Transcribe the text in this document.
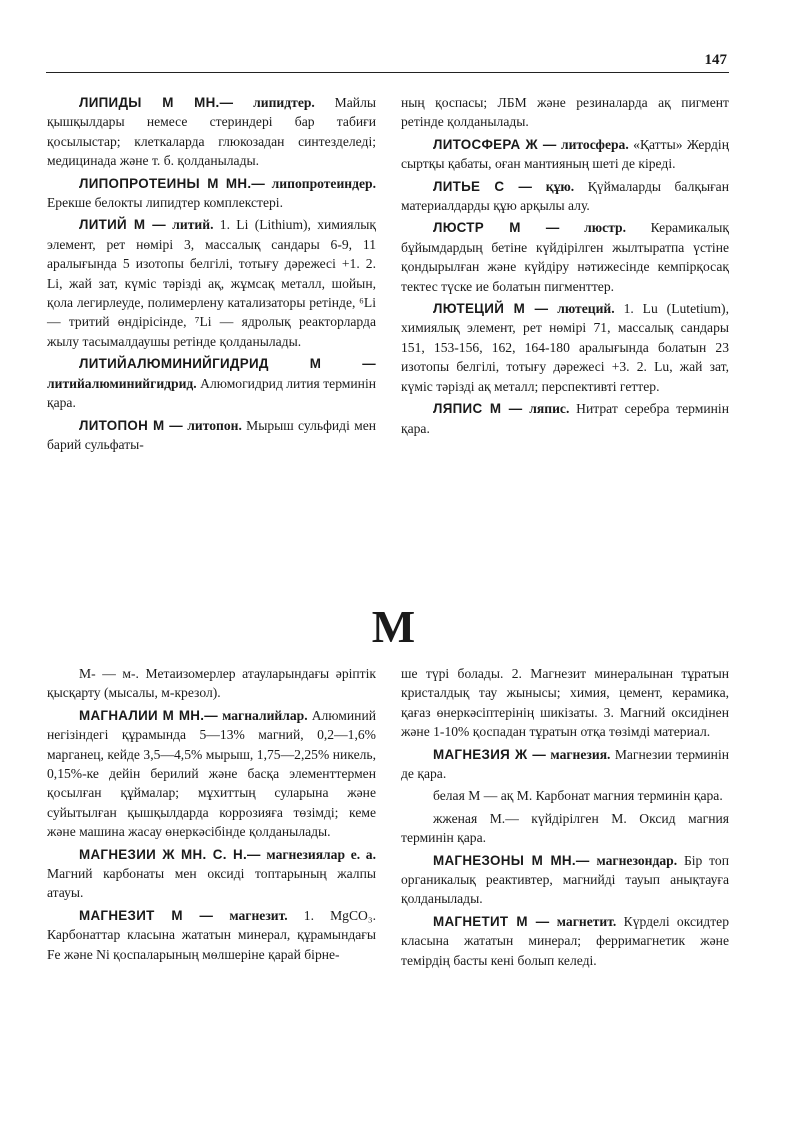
147

ЛИПИДЫ М МН.— липидтер. Майлы қышқылдары немесе стериндері бар табиғи қосылыстар; клеткаларда глюкозадан синтезделеді; медицинада және т. б. қолданылады.

ЛИПОПРОТЕИНЫ М МН.— липопротеиндер. Ерекше белокты липидтер комплекстері.

ЛИТИЙ М — литий. 1. Li (Lithium), химиялық элемент, рет нөмірі 3, массалық сандары 6-9, 11 аралығында 5 изотопы белгілі, тотығу дәрежесі +1. 2. Li, жай зат, күміс тәрізді ақ, жұмсақ металл, шойын, қола легирлеуде, полимерлену катализаторы ретінде, ⁶Li — тритий өндірісінде, ⁷Li — ядролық реакторларда жылу тасымалдаушы ретінде қолданылады.

ЛИТИЙАЛЮМИНИЙГИДРИД М — литийалюминийгидрид. Алюмогидрид лития терминін қара.

ЛИТОПОН М — литопон. Мырыш сульфиді мен барий сульфаты-

ның қоспасы; ЛБМ және резиналарда ақ пигмент ретінде қолданылады.

ЛИТОСФЕРА Ж — литосфера. «Қатты» Жердің сыртқы қабаты, оған мантияның шеті де кіреді.

ЛИТЬЕ С — құю. Қүймаларды балқыған материалдарды құю арқылы алу.

ЛЮСТР М — люстр. Керамикалық бұйымдардың бетіне күйдірілген жылтыратпа үстіне қондырылған және күйдіру нәтижесінде кемпірқосақ тектес түске ие болатын пигменттер.

ЛЮТЕЦИЙ М — лютеций. 1. Lu (Lutetium), химиялық элемент, рет нөмірі 71, массалық сандары 151, 153-156, 162, 164-180 аралығында болатын 23 изотопы белгілі, тотығу дәрежесі +3. 2. Lu, жай зат, күміс тәрізді ақ металл; перспективті геттер.

ЛЯПИС М — ляпис. Нитрат серебра терминін қара.

М

М- — м-. Метаизомерлер атауларындағы әріптік қысқарту (мысалы, м-крезол).

МАГНАЛИИ М МН.— магналийлар. Алюминий негізіндегі құрамында 5—13% магний, 0,2—1,6% марганец, кейде 3,5—4,5% мырыш, 1,75—2,25% никель, 0,15%-ке дейін берилий және басқа элементтермен қосылған құймалар; мұхиттың суларына және суйытылған қышқылдарда коррозияға төзімді; кеме және машина жасау өнеркәсібінде қолданылады.

МАГНЕЗИИ Ж МН. С. Н.— магнезиялар е. а. Магний карбонаты мен оксиді топтарының жалпы атауы.

МАГНЕЗИТ М — магнезит. 1. MgCO₃. Карбонаттар класына жататын минерал, құрамындағы Fe және Ni қоспаларының мөлшеріне қарай бірне-

ше түрі болады. 2. Магнезит минералынан тұратын кристалдық тау жынысы; химия, цемент, керамика, қағаз өнеркәсіптерінің шикізаты. 3. Магний оксидінен және 1-10% қоспадан тұратын отқа төзімді материал.

МАГНЕЗИЯ Ж — магнезия. Магнезии терминін де қара.

белая М — ақ М. Карбонат магния терминін қара.

жженая М.— күйдірілген М. Оксид магния терминін қара.

МАГНЕЗОНЫ М МН.— магнезондар. Бір топ органикалық реактивтер, магнийді тауып анықтауға қолданылады.

МАГНЕТИТ М — магнетит. Күрделі оксидтер класына жататын минерал; ферримагнетик және темірдің басты кені болып келеді.
